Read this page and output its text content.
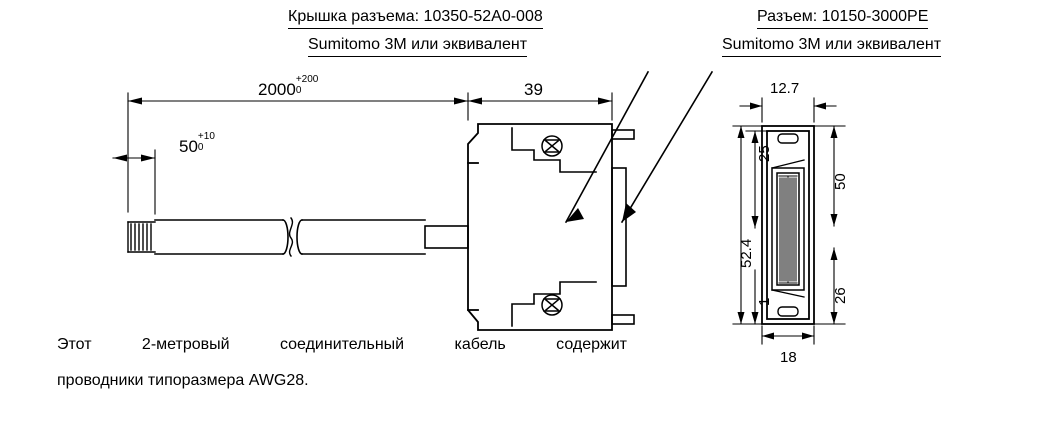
Крышка разъема: 10350-52A0-008
Sumitomo 3M или эквивалент
Разъем: 10150-3000PE
Sumitomo 3M или эквивалент
2000
+200
0	39
50
+10
0
12.7
18
25
52.4
1
50
26
Этот 2-метровый соединительный кабель содержит
проводники типоразмера AWG28.
